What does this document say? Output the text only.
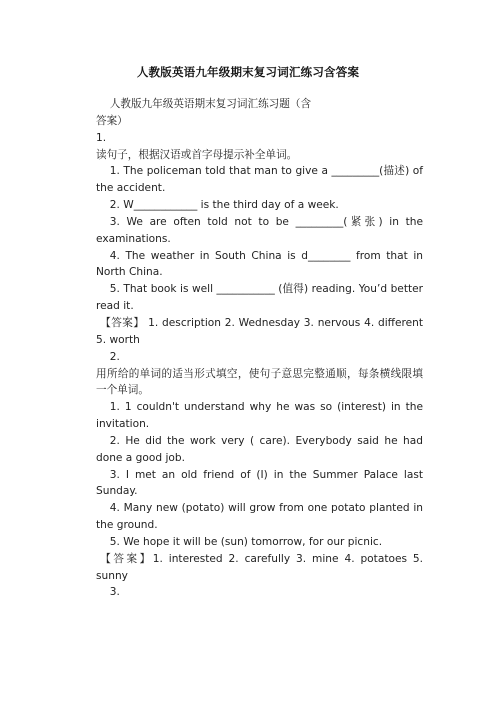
人教版英语九年级期末复习词汇练习含答案

人教版九年级英语期末复习词汇练习题（含

答案）

1.

读句子，根据汉语或首字母提示补全单词。

1. The policeman told that man to give a _________(描述) of the accident.

2. W____________ is the third day of a week.

3. We are often told not to be _________(紧张) in the examinations.

4. The weather in South China is d________ from that in North China.

5. That book is well ___________ (值得) reading. You’d better read it.

【答案】 1. description 2. Wednesday 3. nervous 4. different 5. worth

2.

用所给的单词的适当形式填空，使句子意思完整通顺，每条横线限填一个单词。

1. 1 couldn't understand why he was so (interest) in the invitation.

2. He did the work very ( care). Everybody said he had done a good job.

3. I met an old friend of (I) in the Summer Palace last Sunday.

4. Many new (potato) will grow from one potato planted in the ground.

5. We hope it will be (sun) tomorrow, for our picnic.

【答案】1. interested 2. carefully 3. mine 4. potatoes 5. sunny

3.
